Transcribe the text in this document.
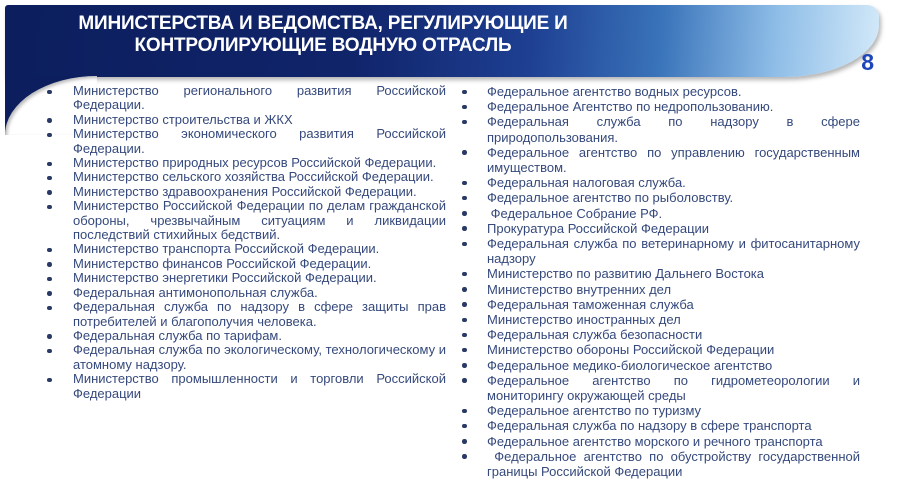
МИНИСТЕРСТВА И ВЕДОМСТВА, РЕГУЛИРУЮЩИЕ И
КОНТРОЛИРУЮЩИЕ ВОДНУЮ ОТРАСЛЬ
8
Министерство регионального развития Российской Федерации.
Министерство строительства и ЖКХ
Министерство экономического развития Российской Федерации.
Министерство природных ресурсов Российской Федерации.
Министерство сельского хозяйства Российской Федерации.
Министерство здравоохранения Российской Федерации.
Министерство Российской Федерации по делам гражданской обороны, чрезвычайным ситуациям и ликвидации последствий стихийных бедствий.
Министерство транспорта Российской Федерации.
Министерство финансов Российской Федерации.
Министерство энергетики Российской Федерации.
Федеральная антимонопольная служба.
Федеральная служба по надзору в сфере защиты прав потребителей и благополучия человека.
Федеральная служба по тарифам.
Федеральная служба по экологическому, технологическому и атомному надзору.
Министерство промышленности и торговли Российской Федерации
Федеральное агентство водных ресурсов.
Федеральное Агентство по недропользованию.
Федеральная служба по надзору в сфере природопользования.
Федеральное агентство по управлению государственным имуществом.
Федеральная налоговая служба.
Федеральное агентство по рыболовству.
Федеральное Собрание РФ.
Прокуратура Российской Федерации
Федеральная служба по ветеринарному и фитосанитарному надзору
Министерство по развитию Дальнего Востока
Министерство внутренних дел
Федеральная таможенная служба
Министерство иностранных дел
Федеральная служба безопасности
Министерство обороны Российской Федерации
Федеральное медико-биологическое агентство
Федеральное агентство по гидрометеорологии и мониторингу окружающей среды
Федеральное агентство по туризму
Федеральная служба по надзору в сфере транспорта
Федеральное агентство морского и речного транспорта
Федеральное агентство по обустройству государственной границы Российской Федерации
